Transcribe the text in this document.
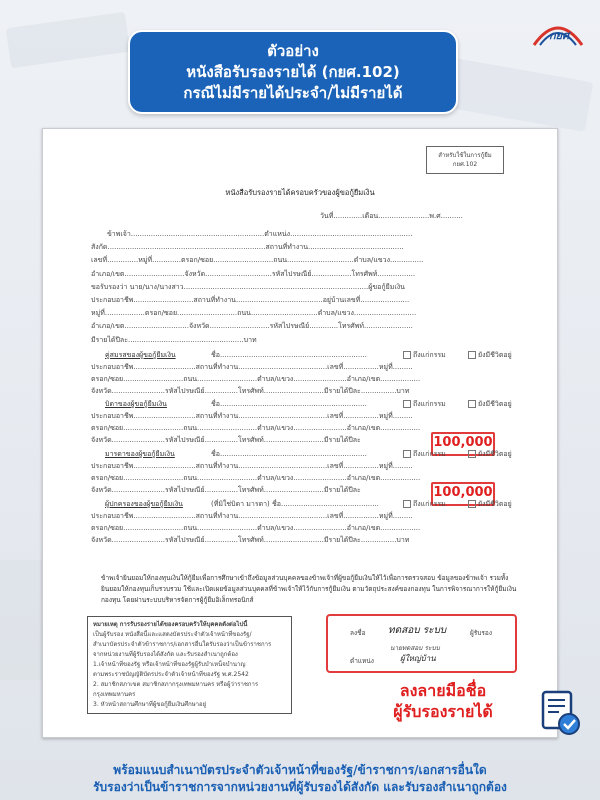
กยศ
ตัวอย่าง
หนังสือรับรองรายได้ (กยศ.102)
กรณีไม่มีรายได้ประจำ/ไม่มีรายได้
สำหรับใช้ในการกู้ยืม
กยศ.102
หนังสือรับรองรายได้ครอบครัวของผู้ขอกู้ยืมเงิน
วันที่.............เดือน.......................พ.ศ..........
ข้าพเจ้ายินยอมให้กองทุนเงินให้กู้ยืมเพื่อการศึกษาเข้าถึงข้อมูลส่วนบุคคลของข้าพเจ้าที่ผู้ขอกู้ยืมเงินให้ไว้เพื่อการตรวจสอบ ข้อมูลของข้าพเจ้า รวมทั้งยินยอมให้กองทุนเก็บรวบรวม ใช้และเปิดเผยข้อมูลส่วนบุคคลที่ข้าพเจ้าให้ไว้กับการกู้ยืมเงิน ตามวัตถุประสงค์ของกองทุน ในการพิจารณาการให้กู้ยืมเงินกองทุน โดยผ่านระบบบริหารจัดการผู้กู้ยืมอิเล็กทรอนิกส์
หมายเหตุ การรับรองรายได้ของครอบครัวให้บุคคลดังต่อไปนี้
เป็นผู้รับรอง หนังสือนี้และแสดงบัตรประจำตัวเจ้าหน้าที่ของรัฐ/
สำเนาบัตรประจำตัวข้าราชการ/เอกสารอื่นใดรับรองว่าเป็นข้าราชการ
จากหน่วยงานที่ผู้รับรองได้สังกัด และรับรองสำเนาถูกต้อง
1.เจ้าหน้าที่ของรัฐ หรือเจ้าหน้าที่ของรัฐผู้รับบำเหน็จบำนาญ
ตามพระราชบัญญัติบัตรประจำตัวเจ้าหน้าที่ของรัฐ พ.ศ.2542
2. สมาชิกสภาเขต สมาชิกสภากรุงเทพมหานคร หรือผู้ว่าราชการ
กรุงเทพมหานคร
3. หัวหน้าสถานศึกษาที่ผู้ขอกู้ยืมเงินศึกษาอยู่
ลงชื่อ ทดสอบ ระบบ	ผู้รับรอง
นายทดสอบ ระบบ
ตำแหน่ง	ผู้ใหญ่บ้าน
ลงลายมือชื่อ
ผู้รับรองรายได้
ข้าพเจ้า............................................................ตำแหน่ง.......................................................
สังกัด.......................................................................สถานที่ทำงาน...........................................
เลขที่..............หมู่ที่.............ตรอก/ซอย...........................ถนน..............................ตำบล/แขวง...............
อำเภอ/เขต...........................จังหวัด..............................รหัสไปรษณีย์..................โทรศัพท์.................
ขอรับรองว่า นาย/นาง/นางสาว...................................................................................ผู้ขอกู้ยืมเงิน
ประกอบอาชีพ...........................สถานที่ทำงาน.......................................อยู่บ้านเลขที่......................
หมู่ที่..................ตรอก/ซอย...........................ถนน..............................ตำบล/แขวง............................
อำเภอ/เขต.............................จังหวัด...........................รหัสไปรษณีย์.............โทรศัพท์......................
มีรายได้ปีละ....................................................บาท
คู่สมรสของผู้ขอกู้ยืมเงิน	ชื่อ..................................................................	ถึงแก่กรรม	ยังมีชีวิตอยู่
ประกอบอาชีพ............................สถานที่ทำงาน........................................เลขที่................หมู่ที่.........
ตรอก/ซอย...........................ถนน...........................ตำบล/แขวง........................อำเภอ/เขต..................
จังหวัด........................รหัสไปรษณีย์...............โทรศัพท์...........................มีรายได้ปีละ................บาท
บิดาของผู้ขอกู้ยืมเงิน	ชื่อ..................................................................	ถึงแก่กรรม	ยังมีชีวิตอยู่
ประกอบอาชีพ............................สถานที่ทำงาน........................................เลขที่................หมู่ที่.........
ตรอก/ซอย...........................ถนน...........................ตำบล/แขวง........................อำเภอ/เขต..................
จังหวัด........................รหัสไปรษณีย์...............โทรศัพท์...........................มีรายได้ปีละ	100,000
มารดาของผู้ขอกู้ยืมเงิน	ชื่อ..................................................................	ถึงแก่กรรม	ยังมีชีวิตอยู่
ประกอบอาชีพ............................สถานที่ทำงาน........................................เลขที่................หมู่ที่.........
ตรอก/ซอย...........................ถนน...........................ตำบล/แขวง........................อำเภอ/เขต..................
จังหวัด........................รหัสไปรษณีย์...............โทรศัพท์...........................มีรายได้ปีละ	100,000
ผู้ปกครองของผู้ขอกู้ยืมเงิน	(ที่มิใช่บิดา มารดา) ชื่อ............................................	ถึงแก่กรรม	ยังมีชีวิตอยู่
ประกอบอาชีพ............................สถานที่ทำงาน........................................เลขที่................หมู่ที่.........
ตรอก/ซอย...........................ถนน...........................ตำบล/แขวง........................อำเภอ/เขต..................
จังหวัด........................รหัสไปรษณีย์...............โทรศัพท์...........................มีรายได้ปีละ................บาท
พร้อมแนบสำเนาบัตรประจำตัวเจ้าหน้าที่ของรัฐ/ข้าราชการ/เอกสารอื่นใด
รับรองว่าเป็นข้าราชการจากหน่วยงานที่ผู้รับรองได้สังกัด และรับรองสำเนาถูกต้อง
